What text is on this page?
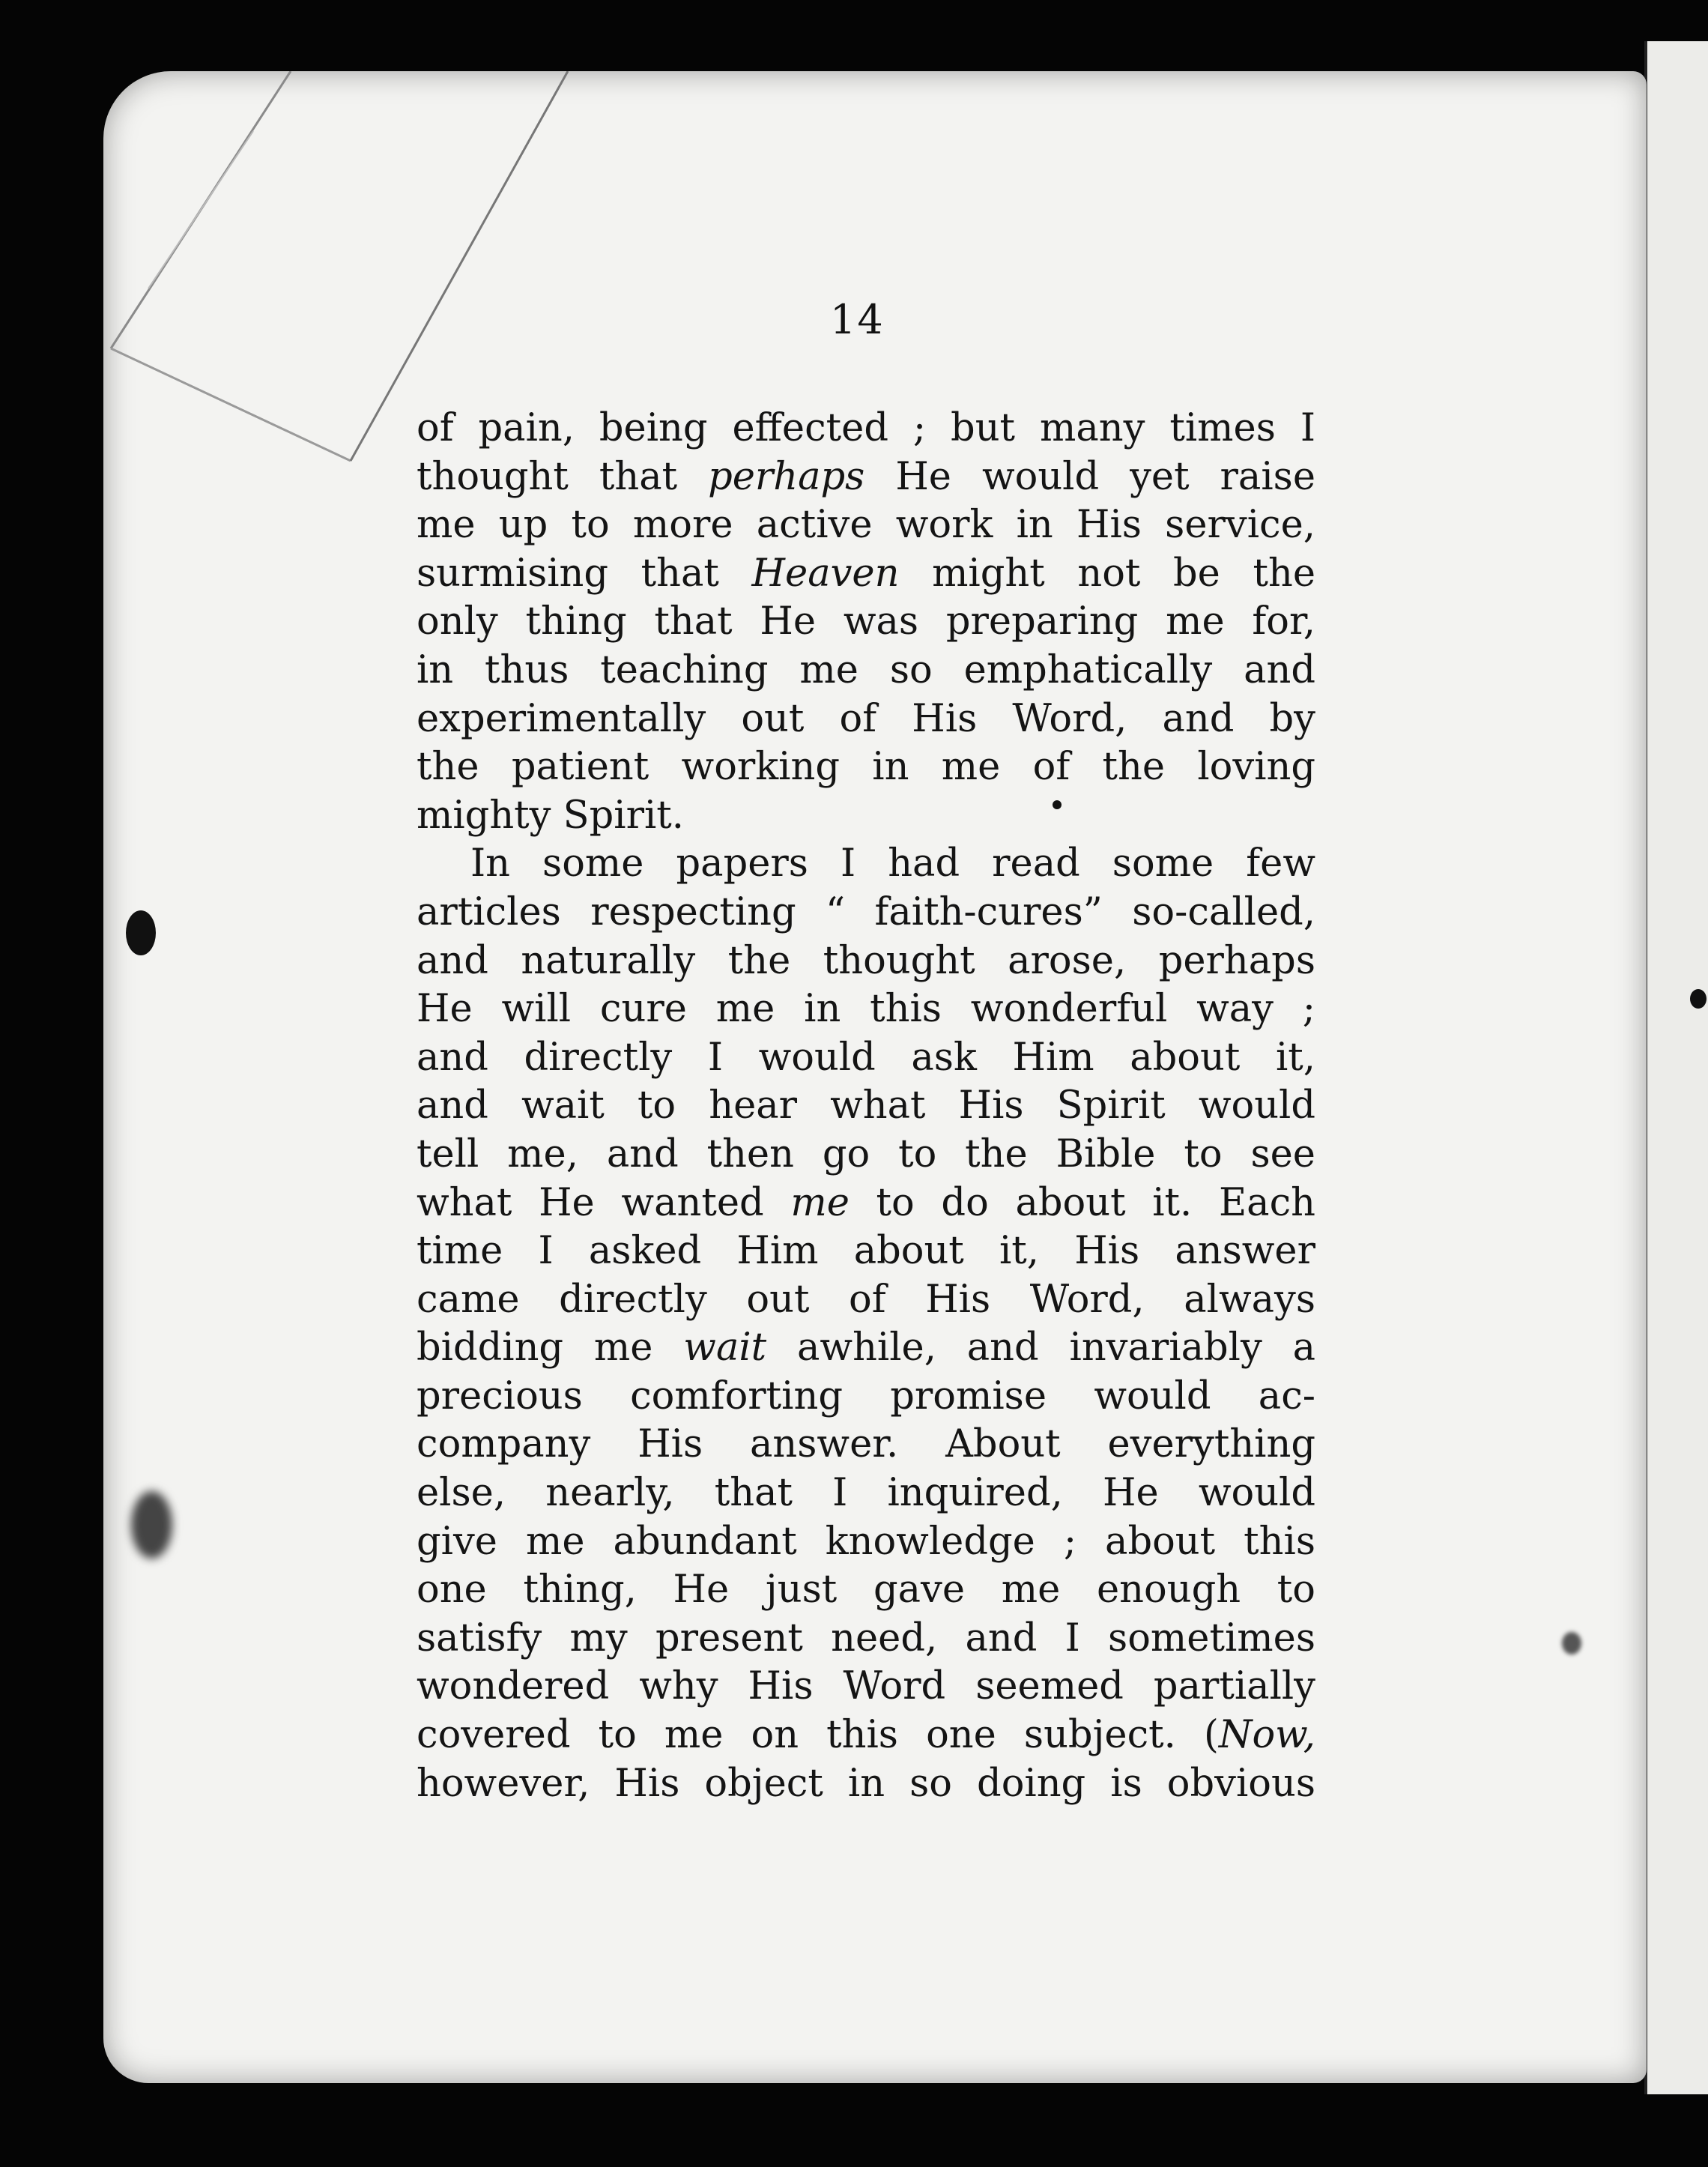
14
of pain, being effected ; but many times I
thought that perhaps He would yet raise
me up to more active work in His service,
surmising that Heaven might not be the
only thing that He was preparing me for,
in thus teaching me so emphatically and
experimentally out of His Word, and by
the patient working in me of the loving
mighty Spirit.
In some papers I had read some few
articles respecting “ faith-cures” so-called,
and naturally the thought arose, perhaps
He will cure me in this wonderful way ;
and directly I would ask Him about it,
and wait to hear what His Spirit would
tell me, and then go to the Bible to see
what He wanted me to do about it. Each
time I asked Him about it, His answer
came directly out of His Word, always
bidding me wait awhile, and invariably a
precious comforting promise would ac-
company His answer. About everything
else, nearly, that I inquired, He would
give me abundant knowledge ; about this
one thing, He just gave me enough to
satisfy my present need, and I sometimes
wondered why His Word seemed partially
covered to me on this one subject. (Now,
however, His object in so doing is obvious
